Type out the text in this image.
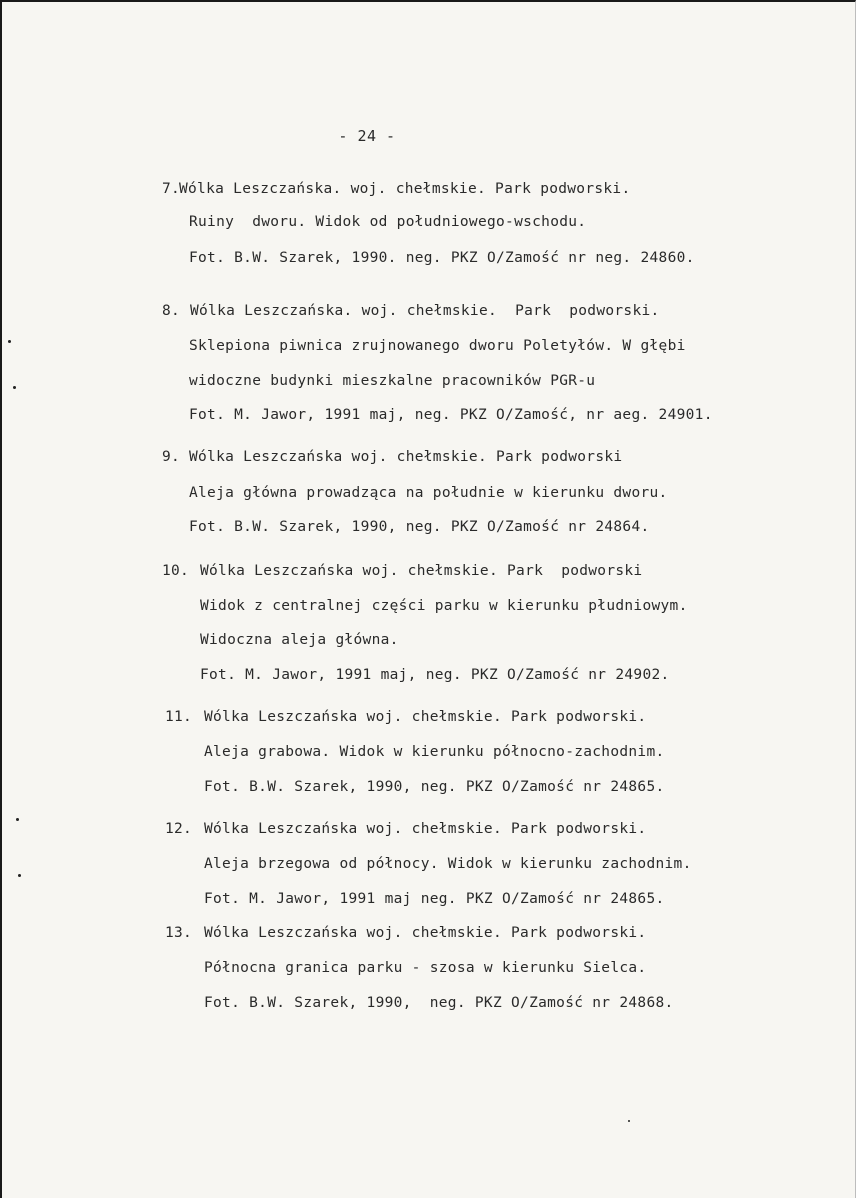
- 24 -
7.
Wólka Leszczańska. woj. chełmskie. Park podworski.
Ruiny  dworu. Widok od południowego-wschodu.
Fot. B.W. Szarek, 1990. neg. PKZ O/Zamość nr neg. 24860.
8. Wólka Leszczańska. woj. chełmskie.  Park  podworski.
Sklepiona piwnica zrujnowanego dworu Poletyłów. W głębi
widoczne budynki mieszkalne pracowników PGR-u
Fot. M. Jawor, 1991 maj, neg. PKZ O/Zamość, nr aeg. 24901.
9. Wólka Leszczańska woj. chełmskie. Park podworski
Aleja główna prowadząca na południe w kierunku dworu.
Fot. B.W. Szarek, 1990, neg. PKZ O/Zamość nr 24864.
10. Wólka Leszczańska woj. chełmskie. Park  podworski
Widok z centralnej części parku w kierunku płudniowym.
Widoczna aleja główna.
Fot. M. Jawor, 1991 maj, neg. PKZ O/Zamość nr 24902.
11. Wólka Leszczańska woj. chełmskie. Park podworski.
Aleja grabowa. Widok w kierunku północno-zachodnim.
Fot. B.W. Szarek, 1990, neg. PKZ O/Zamość nr 24865.
12. Wólka Leszczańska woj. chełmskie. Park podworski.
Aleja brzegowa od północy. Widok w kierunku zachodnim.
Fot. M. Jawor, 1991 maj neg. PKZ O/Zamość nr 24865.
13. Wólka Leszczańska woj. chełmskie. Park podworski.
Północna granica parku - szosa w kierunku Sielca.
Fot. B.W. Szarek, 1990,  neg. PKZ O/Zamość nr 24868.
